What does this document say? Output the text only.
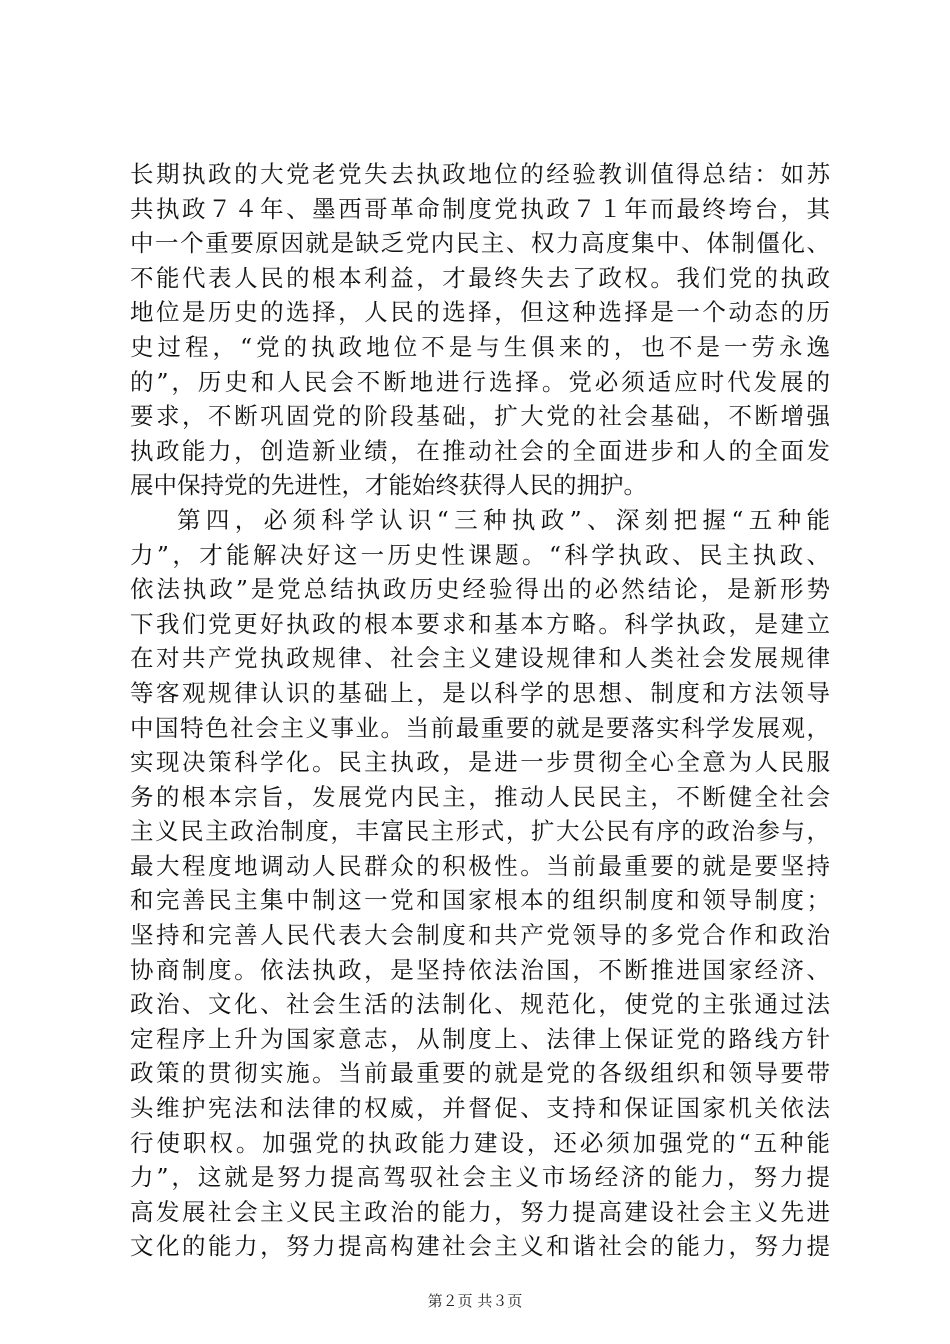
长期执政的大党老党失去执政地位的经验教训值得总结：如苏
共执政７４年、墨西哥革命制度党执政７１年而最终垮台，其
中一个重要原因就是缺乏党内民主、权力高度集中、体制僵化、
不能代表人民的根本利益，才最终失去了政权。我们党的执政
地位是历史的选择，人民的选择，但这种选择是一个动态的历
史过程，“党的执政地位不是与生俱来的，也不是一劳永逸
的”，历史和人民会不断地进行选择。党必须适应时代发展的
要求，不断巩固党的阶段基础，扩大党的社会基础，不断增强
执政能力，创造新业绩，在推动社会的全面进步和人的全面发
展中保持党的先进性，才能始终获得人民的拥护。
第四，必须科学认识“三种执政”、深刻把握“五种能
力”，才能解决好这一历史性课题。“科学执政、民主执政、
依法执政”是党总结执政历史经验得出的必然结论，是新形势
下我们党更好执政的根本要求和基本方略。科学执政，是建立
在对共产党执政规律、社会主义建设规律和人类社会发展规律
等客观规律认识的基础上，是以科学的思想、制度和方法领导
中国特色社会主义事业。当前最重要的就是要落实科学发展观，
实现决策科学化。民主执政，是进一步贯彻全心全意为人民服
务的根本宗旨，发展党内民主，推动人民民主，不断健全社会
主义民主政治制度，丰富民主形式，扩大公民有序的政治参与，
最大程度地调动人民群众的积极性。当前最重要的就是要坚持
和完善民主集中制这一党和国家根本的组织制度和领导制度；
坚持和完善人民代表大会制度和共产党领导的多党合作和政治
协商制度。依法执政，是坚持依法治国，不断推进国家经济、
政治、文化、社会生活的法制化、规范化，使党的主张通过法
定程序上升为国家意志，从制度上、法律上保证党的路线方针
政策的贯彻实施。当前最重要的就是党的各级组织和领导要带
头维护宪法和法律的权威，并督促、支持和保证国家机关依法
行使职权。加强党的执政能力建设，还必须加强党的“五种能
力”，这就是努力提高驾驭社会主义市场经济的能力，努力提
高发展社会主义民主政治的能力，努力提高建设社会主义先进
文化的能力，努力提高构建社会主义和谐社会的能力，努力提
第２页 共３页
